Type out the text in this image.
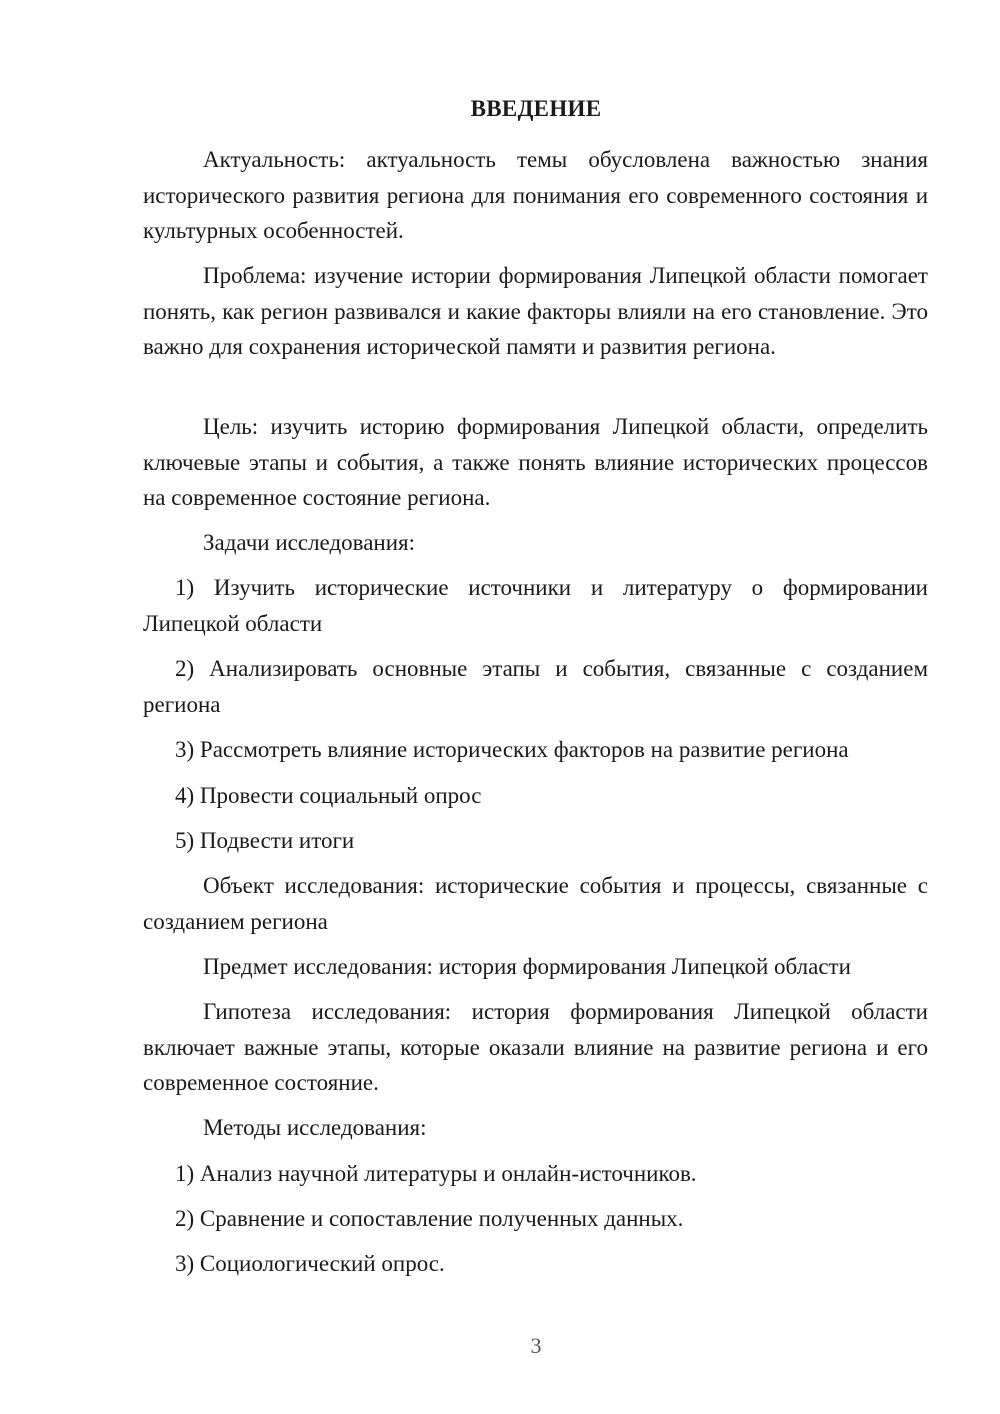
ВВЕДЕНИЕ

Актуальность: актуальность темы обусловлена важностью знания исторического развития региона для понимания его современного состояния и культурных особенностей.

Проблема: изучение истории формирования Липецкой области помогает понять, как регион развивался и какие факторы влияли на его становление. Это важно для сохранения исторической памяти и развития региона.

Цель: изучить историю формирования Липецкой области, определить ключевые этапы и события, а также понять влияние исторических процессов на современное состояние региона.

Задачи исследования:

1) Изучить исторические источники и литературу о формировании Липецкой области

2) Анализировать основные этапы и события, связанные с созданием региона

3) Рассмотреть влияние исторических факторов на развитие региона

4) Провести социальный опрос

5) Подвести итоги

Объект исследования: исторические события и процессы, связанные с созданием региона

Предмет исследования: история формирования Липецкой области

Гипотеза исследования: история формирования Липецкой области включает важные этапы, которые оказали влияние на развитие региона и его современное состояние.

Методы исследования:

1) Анализ научной литературы и онлайн-источников.

2) Сравнение и сопоставление полученных данных.

3) Социологический опрос.

3
